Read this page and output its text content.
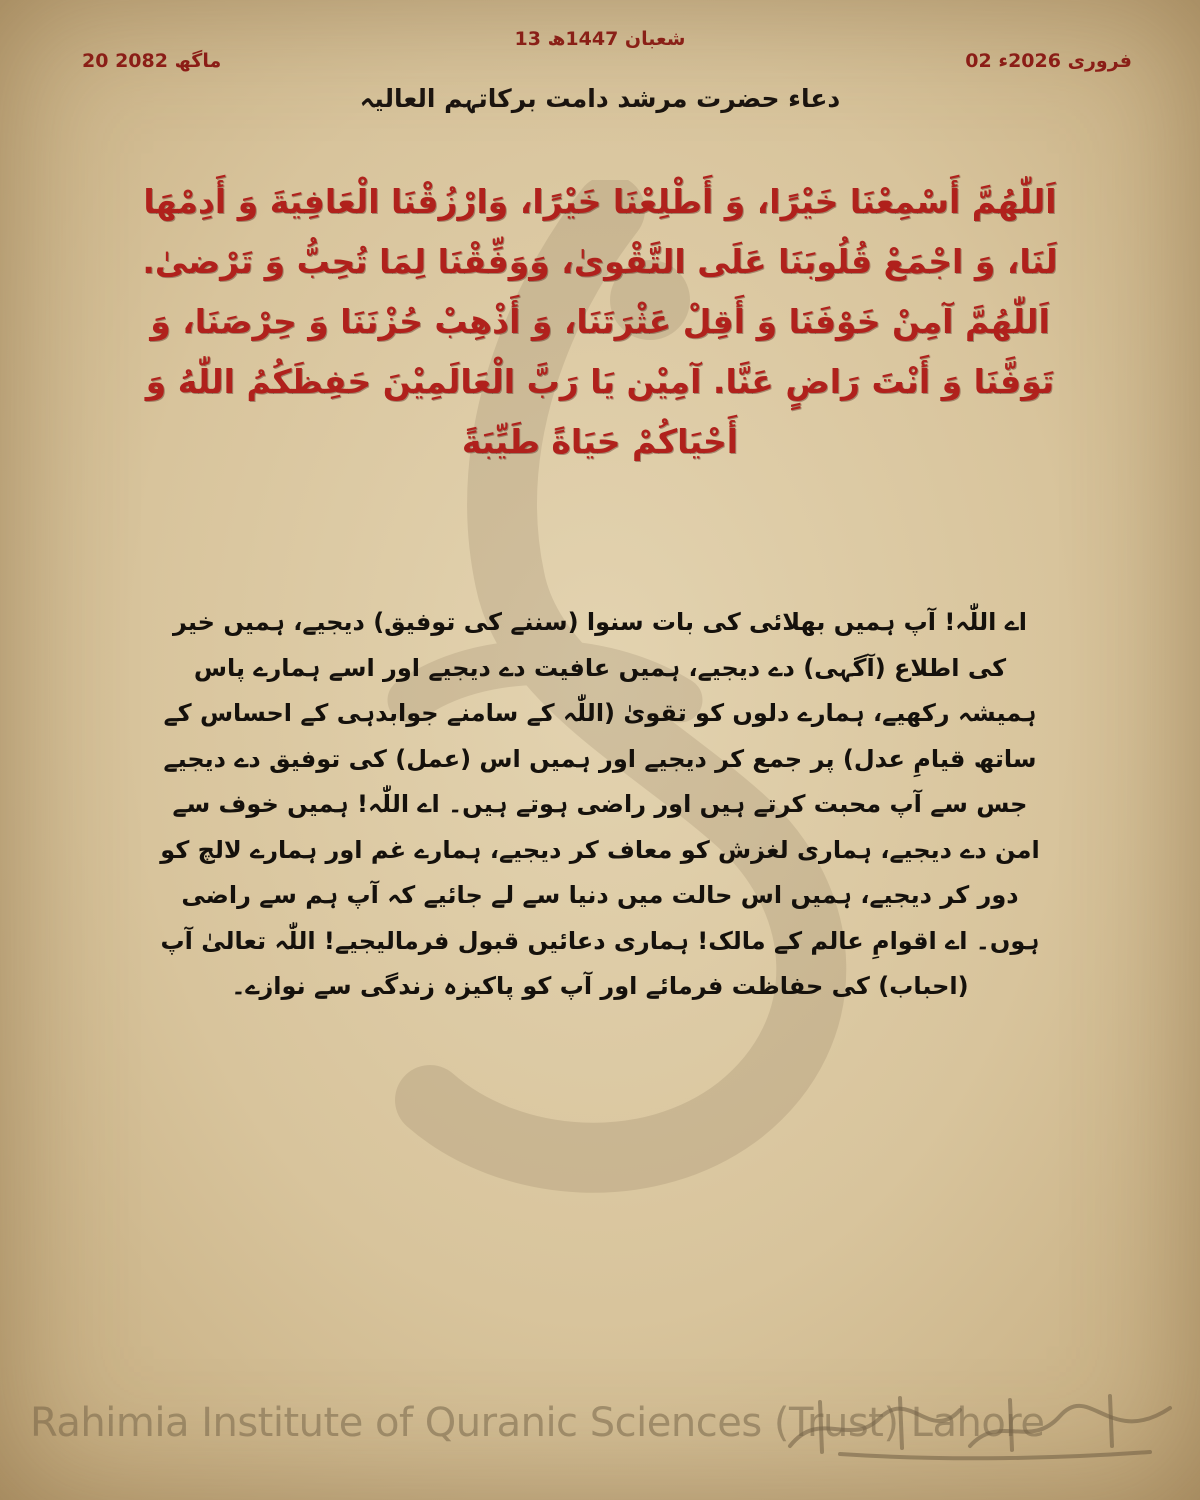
13 شعبان 1447ھ
02 فروری 2026ء
20 ماگھ 2082
دعاء حضرت مرشد دامت برکاتہم العالیہ
اَللّٰهُمَّ أَسْمِعْنَا خَيْرًا، وَ أَطْلِعْنَا خَيْرًا، وَارْزُقْنَا الْعَافِيَةَ وَ أَدِمْهَا لَنَا، وَ اجْمَعْ قُلُوبَنَا عَلَى التَّقْوىٰ، وَوَفِّقْنَا لِمَا تُحِبُّ وَ تَرْضىٰ. اَللّٰهُمَّ آمِنْ خَوْفَنَا وَ أَقِلْ عَثْرَتَنَا، وَ أَذْهِبْ حُزْنَنَا وَ حِرْصَنَا، وَ تَوَفَّنَا وَ أَنْتَ رَاضٍ عَنَّا. آمِيْن يَا رَبَّ الْعَالَمِيْنَ حَفِظَكُمُ اللّٰهُ وَ أَحْيَاكُمْ حَيَاةً طَيِّبَةً
اے اللّٰہ! آپ ہمیں بھلائی کی بات سنوا (سننے کی توفیق) دیجیے، ہمیں خیر کی اطلاع (آگہی) دے دیجیے، ہمیں عافیت دے دیجیے اور اسے ہمارے پاس ہمیشہ رکھیے، ہمارے دلوں کو تقویٰ (اللّٰہ کے سامنے جوابدہی کے احساس کے ساتھ قیامِ عدل) پر جمع کر دیجیے اور ہمیں اس (عمل) کی توفیق دے دیجیے جس سے آپ محبت کرتے ہیں اور راضی ہوتے ہیں۔ اے اللّٰہ! ہمیں خوف سے امن دے دیجیے، ہماری لغزش کو معاف کر دیجیے، ہمارے غم اور ہمارے لالچ کو دور کر دیجیے، ہمیں اس حالت میں دنیا سے لے جائیے کہ آپ ہم سے راضی ہوں۔ اے اقوامِ عالم کے مالک! ہماری دعائیں قبول فرمالیجیے! اللّٰہ تعالیٰ آپ (احباب) کی حفاظت فرمائے اور آپ کو پاکیزہ زندگی سے نوازے۔
Rahimia Institute of Quranic Sciences (Trust) Lahore
